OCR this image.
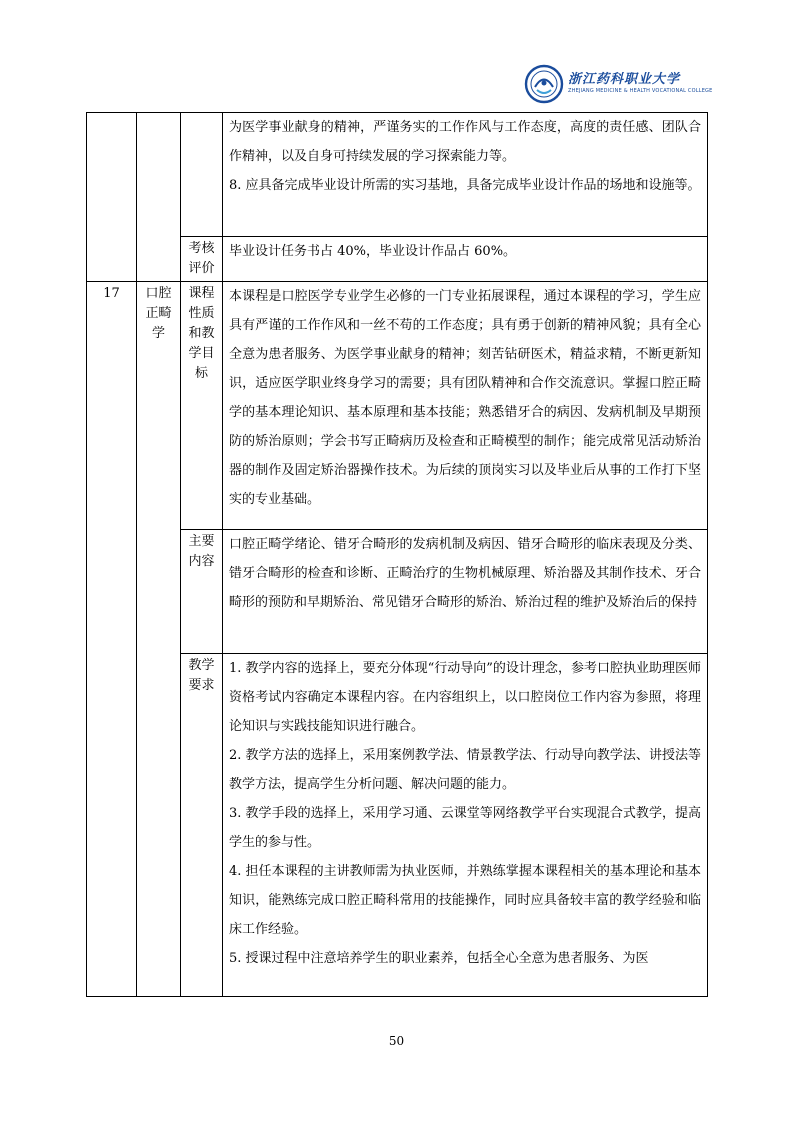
浙江药科职业大学
ZHEJIANG MEDICINE & HEALTH VOCATIONAL COLLEGE

			为医学事业献身的精神，严谨务实的工作作风与工作态度，高度的责任感、团队合作精神，以及自身可持续发展的学习探索能力等。

8. 应具备完成毕业设计所需的实习基地，具备完成毕业设计作品的场地和设施等。

		考核评价	毕业设计任务书占 40%，毕业设计作品占 60%。
17	口腔正畸学	课程性质和教学目标	本课程是口腔医学专业学生必修的一门专业拓展课程，通过本课程的学习，学生应具有严谨的工作作风和一丝不苟的工作态度；具有勇于创新的精神风貌；具有全心全意为患者服务、为医学事业献身的精神；刻苦钻研医术，精益求精，不断更新知识，适应医学职业终身学习的需要；具有团队精神和合作交流意识。掌握口腔正畸学的基本理论知识、基本原理和基本技能；熟悉错牙合的病因、发病机制及早期预防的矫治原则；学会书写正畸病历及检查和正畸模型的制作；能完成常见活动矫治器的制作及固定矫治器操作技术。为后续的顶岗实习以及毕业后从事的工作打下坚实的专业基础。
		主要内容	口腔正畸学绪论、错牙合畸形的发病机制及病因、错牙合畸形的临床表现及分类、错牙合畸形的检查和诊断、正畸治疗的生物机械原理、矫治器及其制作技术、牙合畸形的预防和早期矫治、常见错牙合畸形的矫治、矫治过程的维护及矫治后的保持
		教学要求	1. 教学内容的选择上，要充分体现“行动导向”的设计理念，参考口腔执业助理医师资格考试内容确定本课程内容。在内容组织上，以口腔岗位工作内容为参照，将理论知识与实践技能知识进行融合。

2. 教学方法的选择上，采用案例教学法、情景教学法、行动导向教学法、讲授法等教学方法，提高学生分析问题、解决问题的能力。

3. 教学手段的选择上，采用学习通、云课堂等网络教学平台实现混合式教学，提高学生的参与性。

4. 担任本课程的主讲教师需为执业医师，并熟练掌握本课程相关的基本理论和基本知识，能熟练完成口腔正畸科常用的技能操作，同时应具备较丰富的教学经验和临床工作经验。

5. 授课过程中注意培养学生的职业素养，包括全心全意为患者服务、为医

50
